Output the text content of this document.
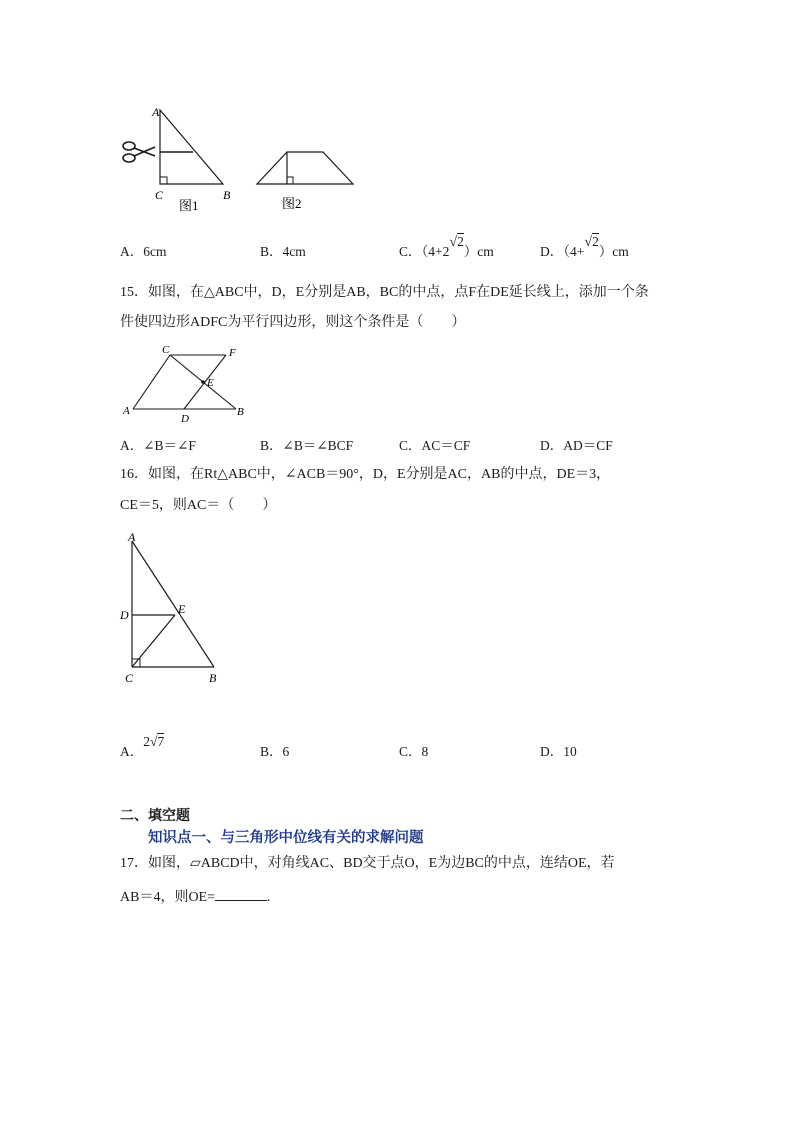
A
C	B
图1	图2
A．6cm	B．4cm	C．（4+2√2）cm	D．（4+√2）cm
15．如图，在△ABC中，D，E分别是AB，BC的中点，点F在DE延长线上，添加一个条
件使四边形ADFC为平行四边形，则这个条件是（　　）
C	F
E
A
D
B
A．∠B＝∠F	B．∠B＝∠BCF	C．AC＝CF	D．AD＝CF
16．如图，在Rt△ABC中，∠ACB＝90°，D，E分别是AC，AB的中点，DE＝3，
CE＝5，则AC＝（　　）
A
D	E
C	B
A．2√7
B．6	C．8	D．10
二、填空题
知识点一、与三角形中位线有关的求解问题
17．如图，▱ABCD中，对角线AC、BD交于点O，E为边BC的中点，连结OE，若
AB＝4，则OE=	.
